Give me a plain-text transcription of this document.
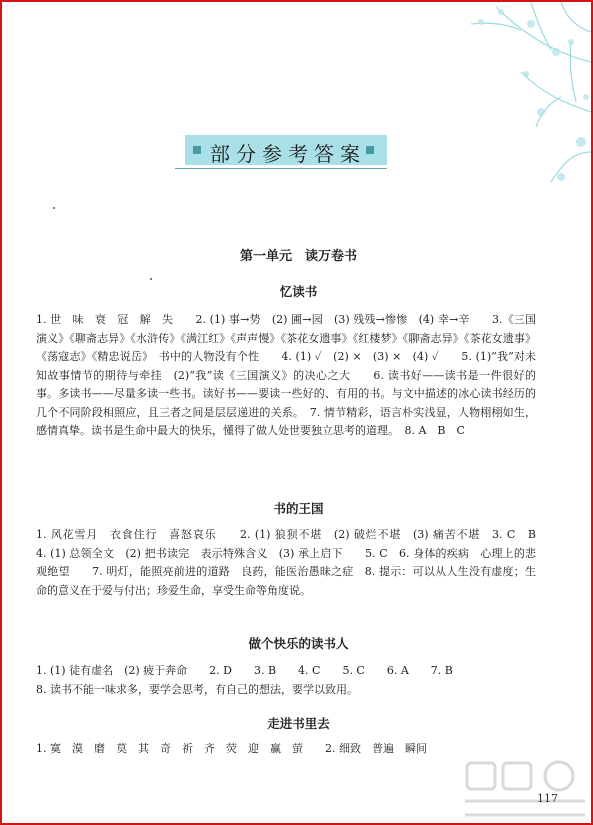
部分参考答案
第一单元　读万卷书
忆读书

1. 世　味　衰　冠　解　失　　2. (1) 事→势　(2) 圃→园　(3) 残残→惨惨　(4) 幸→辛　　3.《三国演义》《聊斋志异》《水浒传》《满江红》《声声慢》《茶花女遗事》《红楼梦》《聊斋志异》《茶花女遗事》《荡寇志》《精忠说岳》　书中的人物没有个性　　4. (1) ✓　(2) ×　(3) ×　(4) ✓　　5. (1)“我”对未知故事情节的期待与牵挂　(2)“我”读《三国演义》的决心之大　　6. 读书好——读书是一件很好的事。多读书——尽量多读一些书。读好书——要读一些好的、有用的书。与文中描述的冰心读书经历的几个不同阶段相照应，且三者之间是层层递进的关系。　7. 情节精彩，语言朴实浅显，人物栩栩如生，感情真挚。读书是生命中最大的快乐，懂得了做人处世要独立思考的道理。　8. A　B　C

书的王国

1. 风花雪月　衣食住行　喜怒哀乐　　2. (1) 狼狈不堪　(2) 破烂不堪　(3) 痛苦不堪　3. C　B　　4. (1) 总领全文　(2) 把书读完　表示特殊含义　(3) 承上启下　　5. C　6. 身体的疾病　心理上的悲观绝望　　7. 明灯，能照亮前进的道路　良药，能医治愚昧之症　8. 提示：可以从人生没有虚度；生命的意义在于爱与付出；珍爱生命，享受生命等角度说。

做个快乐的读书人

1. (1) 徒有虚名　(2) 疲于奔命　　2. D　　3. B　　4. C　　5. C　　6. A　　7. B

8. 读书不能一味求多，要学会思考，有自己的想法，要学以致用。

走进书里去

1. 寞　漠　磨　莫　其　奇　祈　齐　荧　迎　赢　萤　　2. 细致　普遍　瞬间

117
